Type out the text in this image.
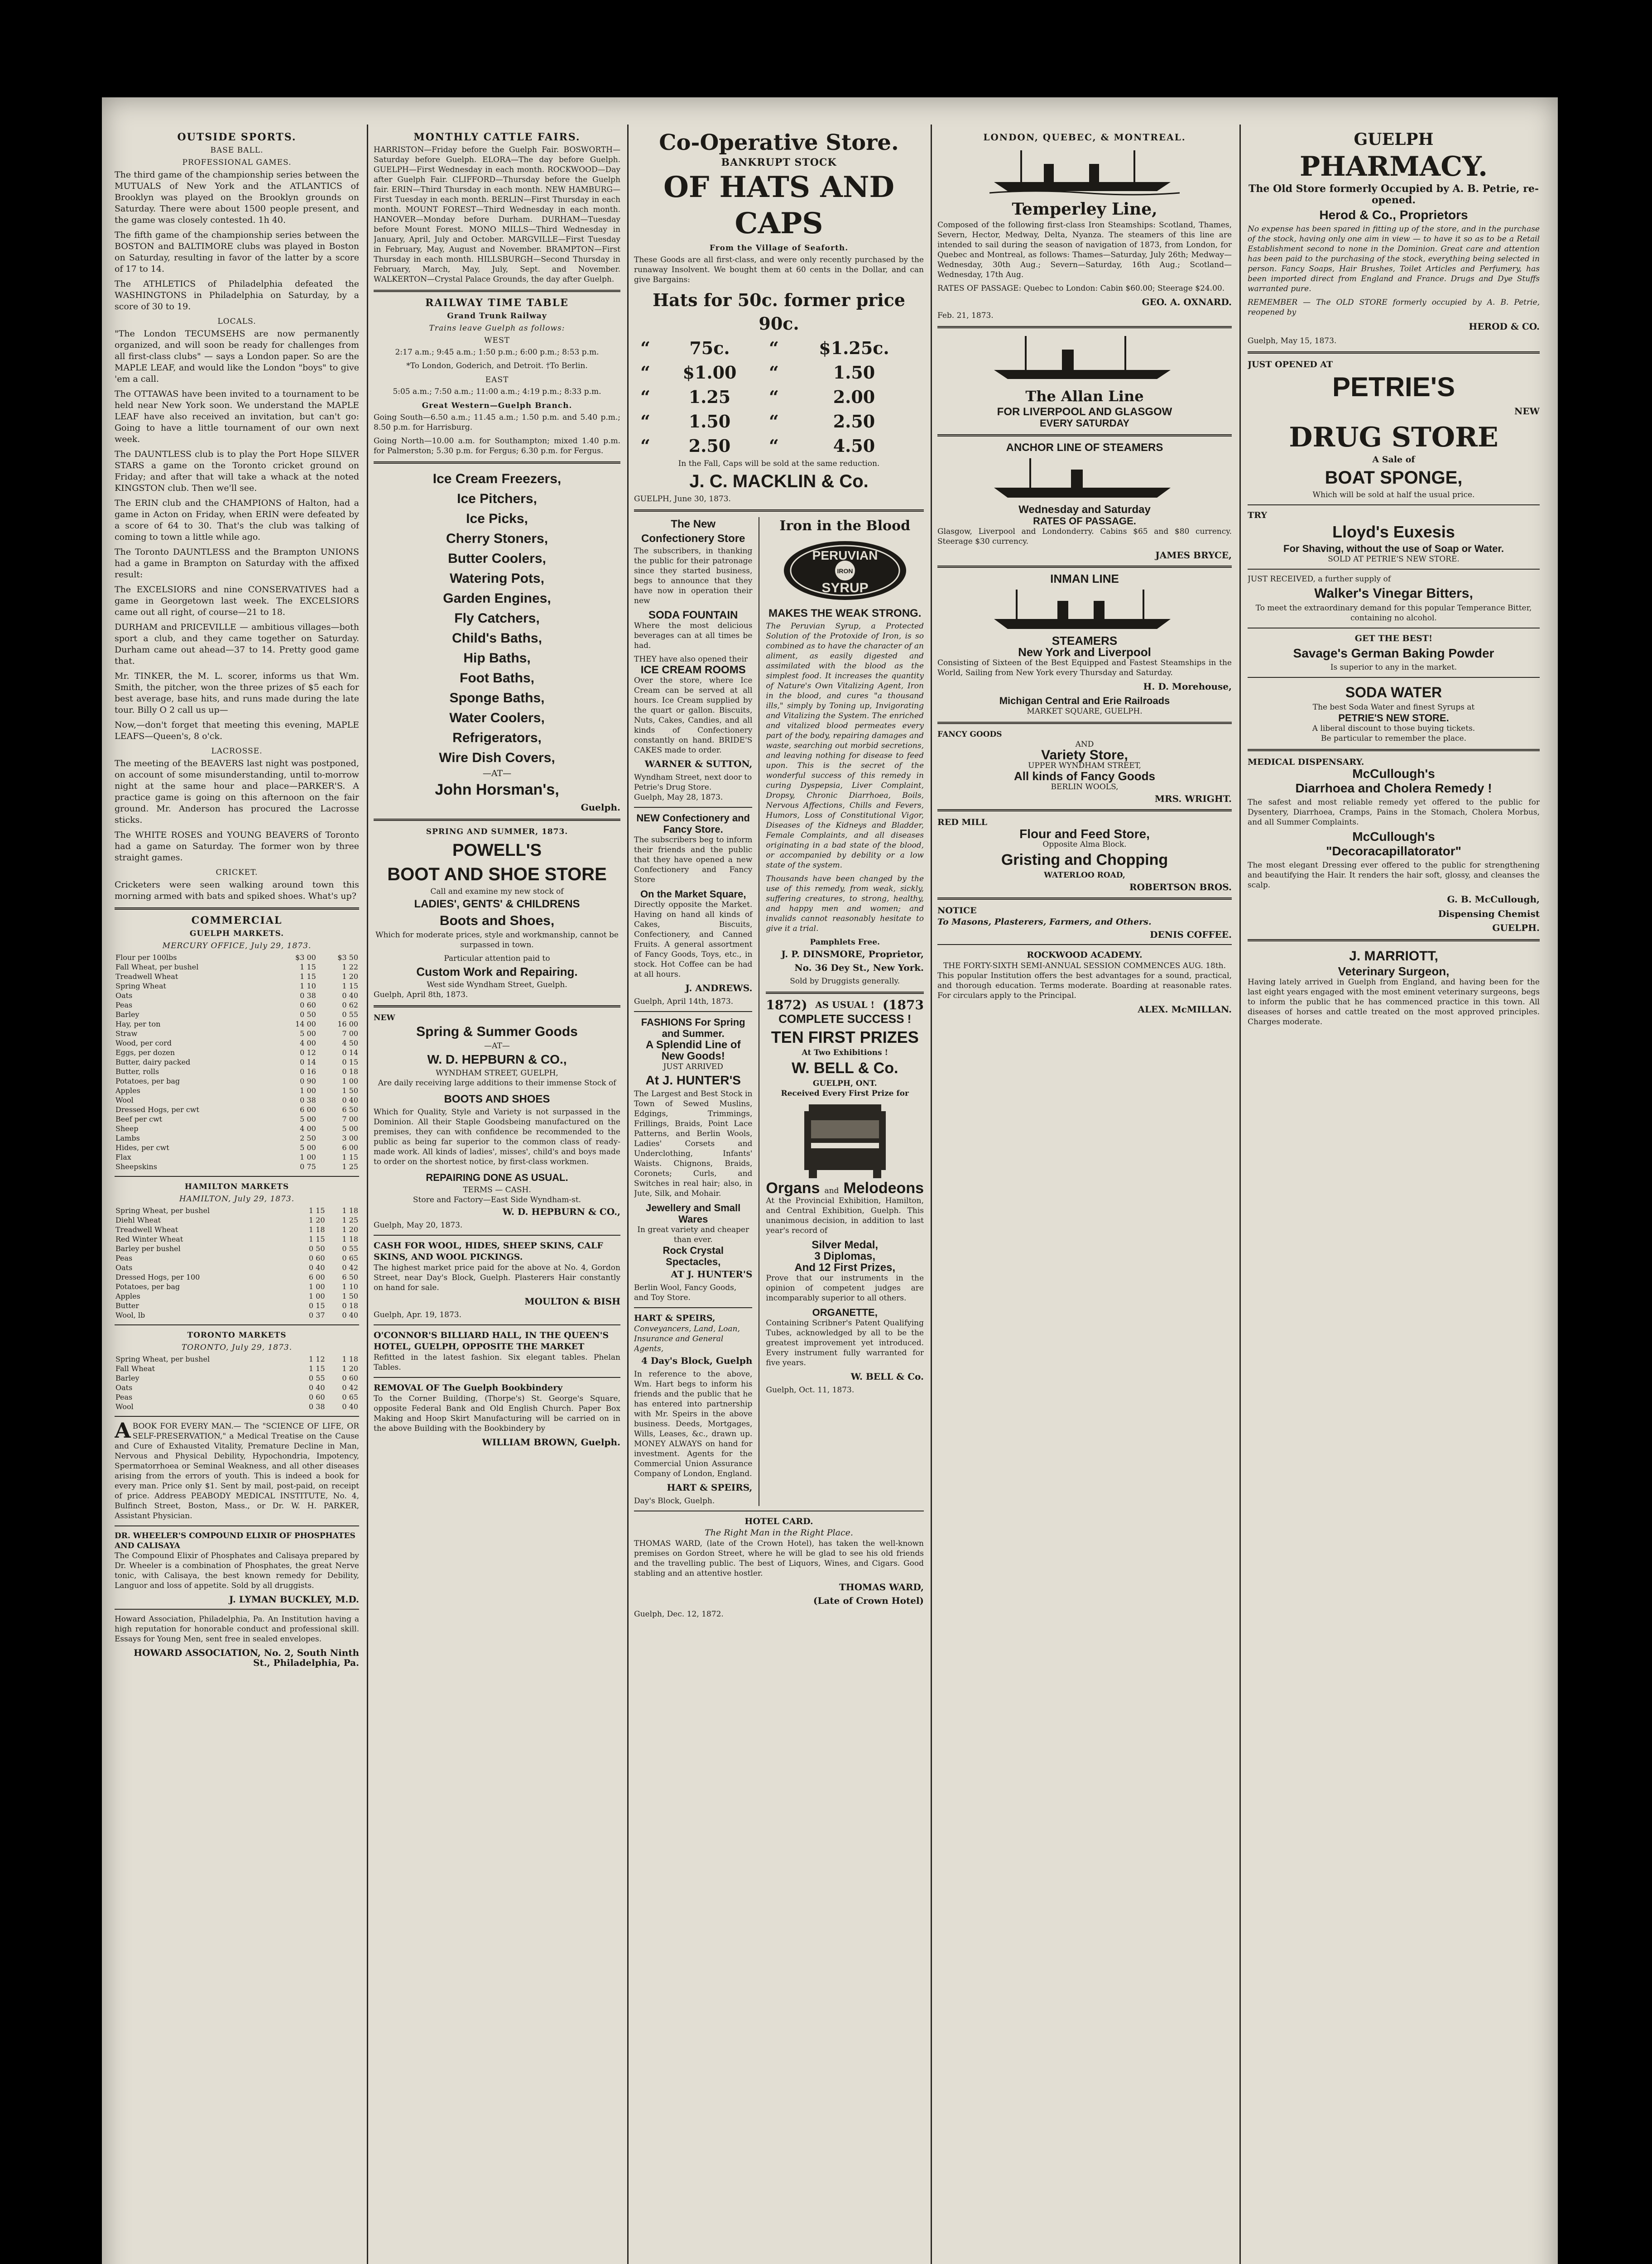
OUTSIDE SPORTS.
BASE BALL.
PROFESSIONAL GAMES.

The third game of the championship series between the MUTUALS of New York and the ATLANTICS of Brooklyn was played on the Brooklyn grounds on Saturday. There were about 1500 people present, and the game was closely contested. 1h 40.

The fifth game of the championship series between the BOSTON and BALTIMORE clubs was played in Boston on Saturday, resulting in favor of the latter by a score of 17 to 14.

The ATHLETICS of Philadelphia defeated the WASHINGTONS in Philadelphia on Saturday, by a score of 30 to 19.

LOCALS.

"The London TECUMSEHS are now permanently organized, and will soon be ready for challenges from all first-class clubs" — says a London paper. So are the MAPLE LEAF, and would like the London "boys" to give 'em a call.

The OTTAWAS have been invited to a tournament to be held near New York soon. We understand the MAPLE LEAF have also received an invitation, but can't go: Going to have a little tournament of our own next week.

The DAUNTLESS club is to play the Port Hope SILVER STARS a game on the Toronto cricket ground on Friday; and after that will take a whack at the noted KINGSTON club. Then we'll see.

The ERIN club and the CHAMPIONS of Halton, had a game in Acton on Friday, when ERIN were defeated by a score of 64 to 30. That's the club was talking of coming to town a little while ago.

The Toronto DAUNTLESS and the Brampton UNIONS had a game in Brampton on Saturday with the affixed result:

The EXCELSIORS and nine CONSERVATIVES had a game in Georgetown last week. The EXCELSIORS came out all right, of course—21 to 18.

DURHAM and PRICEVILLE — ambitious villages—both sport a club, and they came together on Saturday. Durham came out ahead—37 to 14. Pretty good game that.

Mr. TINKER, the M. L. scorer, informs us that Wm. Smith, the pitcher, won the three prizes of $5 each for best average, base hits, and runs made during the late tour. Billy O 2 call us up—

Now,—don't forget that meeting this evening, MAPLE LEAFS—Queen's, 8 o'ck.

LACROSSE.

The meeting of the BEAVERS last night was postponed, on account of some misunderstanding, until to-morrow night at the same hour and place—PARKER'S. A practice game is going on this afternoon on the fair ground. Mr. Anderson has procured the Lacrosse sticks.

The WHITE ROSES and YOUNG BEAVERS of Toronto had a game on Saturday. The former won by three straight games.

CRICKET.

Cricketers were seen walking around town this morning armed with bats and spiked shoes. What's up?

COMMERCIAL
GUELPH MARKETS.
MERCURY OFFICE, July 29, 1873.
Flour per 100lbs	$3 00	$3 50
Fall Wheat, per bushel	1 15	1 22
Treadwell Wheat	1 15	1 20
Spring Wheat	1 10	1 15
Oats	0 38	0 40
Peas	0 60	0 62
Barley	0 50	0 55
Hay, per ton	14 00	16 00
Straw	5 00	7 00
Wood, per cord	4 00	4 50
Eggs, per dozen	0 12	0 14
Butter, dairy packed	0 14	0 15
Butter, rolls	0 16	0 18
Potatoes, per bag	0 90	1 00
Apples	1 00	1 50
Wool	0 38	0 40
Dressed Hogs, per cwt	6 00	6 50
Beef per cwt	5 00	7 00
Sheep	4 00	5 00
Lambs	2 50	3 00
Hides, per cwt	5 00	6 00
Flax	1 00	1 15
Sheepskins	0 75	1 25
HAMILTON MARKETS
HAMILTON, July 29, 1873.
Spring Wheat, per bushel	1 15	1 18
Diehl Wheat	1 20	1 25
Treadwell Wheat	1 18	1 20
Red Winter Wheat	1 15	1 18
Barley per bushel	0 50	0 55
Peas	0 60	0 65
Oats	0 40	0 42
Dressed Hogs, per 100	6 00	6 50
Potatoes, per bag	1 00	1 10
Apples	1 00	1 50
Butter	0 15	0 18
Wool, lb	0 37	0 40
TORONTO MARKETS
TORONTO, July 29, 1873.
Spring Wheat, per bushel	1 12	1 18
Fall Wheat	1 15	1 20
Barley	0 55	0 60
Oats	0 40	0 42
Peas	0 60	0 65
Wool	0 38	0 40

ABOOK FOR EVERY MAN.— The "SCIENCE OF LIFE, OR SELF-PRESERVATION," a Medical Treatise on the Cause and Cure of Exhausted Vitality, Premature Decline in Man, Nervous and Physical Debility, Hypochondria, Impotency, Spermatorrhoea or Seminal Weakness, and all other diseases arising from the errors of youth. This is indeed a book for every man. Price only $1. Sent by mail, post-paid, on receipt of price. Address PEABODY MEDICAL INSTITUTE, No. 4, Bulfinch Street, Boston, Mass., or Dr. W. H. PARKER, Assistant Physician.

DR. WHEELER'S COMPOUND ELIXIR OF PHOSPHATES AND CALISAYA

The Compound Elixir of Phosphates and Calisaya prepared by Dr. Wheeler is a combination of Phosphates, the great Nerve tonic, with Calisaya, the best known remedy for Debility, Languor and loss of appetite. Sold by all druggists.

J. LYMAN BUCKLEY, M.D.

Howard Association, Philadelphia, Pa. An Institution having a high reputation for honorable conduct and professional skill. Essays for Young Men, sent free in sealed envelopes.

HOWARD ASSOCIATION, No. 2, South Ninth St., Philadelphia, Pa.
MONTHLY CATTLE FAIRS.

HARRISTON—Friday before the Guelph Fair. BOSWORTH—Saturday before Guelph. ELORA—The day before Guelph. GUELPH—First Wednesday in each month. ROCKWOOD—Day after Guelph Fair. CLIFFORD—Thursday before the Guelph fair. ERIN—Third Thursday in each month. NEW HAMBURG—First Tuesday in each month. BERLIN—First Thursday in each month. MOUNT FOREST—Third Wednesday in each month. HANOVER—Monday before Durham. DURHAM—Tuesday before Mount Forest. MONO MILLS—Third Wednesday in January, April, July and October. MARGVILLE—First Tuesday in February, May, August and November. BRAMPTON—First Thursday in each month. HILLSBURGH—Second Thursday in February, March, May, July, Sept. and November. WALKERTON—Crystal Palace Grounds, the day after Guelph.

RAILWAY TIME TABLE
Grand Trunk Railway
Trains leave Guelph as follows:
WEST

2:17 a.m.; 9:45 a.m.; 1:50 p.m.; 6:00 p.m.; 8:53 p.m.

*To London, Goderich, and Detroit. †To Berlin.

EAST

5:05 a.m.; 7:50 a.m.; 11:00 a.m.; 4:19 p.m.; 8:33 p.m.

Great Western—Guelph Branch.

Going South—6.50 a.m.; 11.45 a.m.; 1.50 p.m. and 5.40 p.m.; 8.50 p.m. for Harrisburg.

Going North—10.00 a.m. for Southampton; mixed 1.40 p.m. for Palmerston; 5.30 p.m. for Fergus; 6.30 p.m. for Fergus.

Ice Cream Freezers,
Ice Pitchers,
Ice Picks,
Cherry Stoners,
Butter Coolers,
Watering Pots,
Garden Engines,
Fly Catchers,
Child's Baths,
Hip Baths,
Foot Baths,
Sponge Baths,
Water Coolers,
Refrigerators,
Wire Dish Covers,
—AT—
John Horsman's,
Guelph.
SPRING AND SUMMER, 1873.
POWELL'S
BOOT AND SHOE STORE
Call and examine my new stock of
LADIES', GENTS' & CHILDRENS
Boots and Shoes,

Which for moderate prices, style and workmanship, cannot be surpassed in town.

Particular attention paid to
Custom Work and Repairing.
West side Wyndham Street, Guelph.
Guelph, April 8th, 1873.
NEW
Spring & Summer Goods
—AT—
W. D. HEPBURN & CO.,
WYNDHAM STREET, GUELPH,

Are daily receiving large additions to their immense Stock of

BOOTS AND SHOES

Which for Quality, Style and Variety is not surpassed in the Dominion. All their Staple Goodsbeing manufactured on the premises, they can with confidence be recommended to the public as being far superior to the common class of ready-made work. All kinds of ladies', misses', child's and boys made to order on the shortest notice, by first-class workmen.

REPAIRING DONE AS USUAL.
TERMS — CASH.
Store and Factory—East Side Wyndham-st.
W. D. HEPBURN & CO.,
Guelph, May 20, 1873.
CASH FOR WOOL, HIDES, SHEEP SKINS, CALF SKINS, AND WOOL PICKINGS.

The highest market price paid for the above at No. 4, Gordon Street, near Day's Block, Guelph. Plasterers Hair constantly on hand for sale.

MOULTON & BISH
Guelph, Apr. 19, 1873.
O'CONNOR'S BILLIARD HALL, IN THE QUEEN'S HOTEL, GUELPH, OPPOSITE THE MARKET

Refitted in the latest fashion. Six elegant tables. Phelan Tables.

REMOVAL OF The Guelph Bookbindery

To the Corner Building, (Thorpe's) St. George's Square, opposite Federal Bank and Old English Church. Paper Box Making and Hoop Skirt Manufacturing will be carried on in the above Building with the Bookbindery by

WILLIAM BROWN, Guelph.
Co-Operative Store.
BANKRUPT STOCK
OF HATS AND CAPS
From the Village of Seaforth.

These Goods are all first-class, and were only recently purchased by the runaway Insolvent. We bought them at 60 cents in the Dollar, and can give Bargains:

Hats for 50c. former price 90c.
“	75c.	“	$1.25c.
“	$1.00	“	1.50
“	1.25	“	2.00
“	1.50	“	2.50
“	2.50	“	4.50
In the Fall, Caps will be sold at the same reduction.
J. C. MACKLIN & Co.
GUELPH, June 30, 1873.
The New Confectionery Store

The subscribers, in thanking the public for their patronage since they started business, begs to announce that they have now in operation their new

SODA FOUNTAIN

Where the most delicious beverages can at all times be had.

THEY have also opened their
ICE CREAM ROOMS

Over the store, where Ice Cream can be served at all hours. Ice Cream supplied by the quart or gallon. Biscuits, Nuts, Cakes, Candies, and all kinds of Confectionery constantly on hand. BRIDE'S CAKES made to order.

WARNER & SUTTON,
Wyndham Street, next door to Petrie's Drug Store.
Guelph, May 28, 1873.
NEW Confectionery and Fancy Store.

The subscribers beg to inform their friends and the public that they have opened a new Confectionery and Fancy Store

On the Market Square,

Directly opposite the Market. Having on hand all kinds of Cakes, Biscuits, Confectionery, and Canned Fruits. A general assortment of Fancy Goods, Toys, etc., in stock. Hot Coffee can be had at all hours.

J. ANDREWS.
Guelph, April 14th, 1873.
FASHIONS For Spring and Summer.
A Splendid Line of New Goods!
JUST ARRIVED
At J. HUNTER'S

The Largest and Best Stock in Town of Sewed Muslins, Edgings, Trimmings, Frillings, Braids, Point Lace Patterns, and Berlin Wools, Ladies' Corsets and Underclothing, Infants' Waists. Chignons, Braids, Coronets; Curls, and Switches in real hair; also, in Jute, Silk, and Mohair.

Jewellery and Small Wares
In great variety and cheaper than ever.
Rock Crystal Spectacles,
AT J. HUNTER'S
Berlin Wool, Fancy Goods, and Toy Store.
HART & SPEIRS,
Conveyancers, Land, Loan, Insurance and General Agents,
4 Day's Block, Guelph

In reference to the above, Wm. Hart begs to inform his friends and the public that he has entered into partnership with Mr. Speirs in the above business. Deeds, Mortgages, Wills, Leases, &c., drawn up. MONEY ALWAYS on hand for investment. Agents for the Commercial Union Assurance Company of London, England.

HART & SPEIRS,
Day's Block, Guelph.
Iron in the Blood
PERUVIAN
IRON
SYRUP
MAKES THE WEAK STRONG.

The Peruvian Syrup, a Protected Solution of the Protoxide of Iron, is so combined as to have the character of an aliment, as easily digested and assimilated with the blood as the simplest food. It increases the quantity of Nature's Own Vitalizing Agent, Iron in the blood, and cures "a thousand ills," simply by Toning up, Invigorating and Vitalizing the System. The enriched and vitalized blood permeates every part of the body, repairing damages and waste, searching out morbid secretions, and leaving nothing for disease to feed upon. This is the secret of the wonderful success of this remedy in curing Dyspepsia, Liver Complaint, Dropsy, Chronic Diarrhoea, Boils, Nervous Affections, Chills and Fevers, Humors, Loss of Constitutional Vigor, Diseases of the Kidneys and Bladder, Female Complaints, and all diseases originating in a bad state of the blood, or accompanied by debility or a low state of the system.

Thousands have been changed by the use of this remedy, from weak, sickly, suffering creatures, to strong, healthy, and happy men and women; and invalids cannot reasonably hesitate to give it a trial.

Pamphlets Free.
J. P. DINSMORE, Proprietor,
No. 36 Dey St., New York.
Sold by Druggists generally.
1872) AS USUAL ! (1873
COMPLETE SUCCESS !
TEN FIRST PRIZES
At Two Exhibitions !
W. BELL & Co.
GUELPH, ONT.
Received Every First Prize for
Organs and Melodeons

At the Provincial Exhibition, Hamilton, and Central Exhibition, Guelph. This unanimous decision, in addition to last year's record of

Silver Medal,
3 Diplomas,
And 12 First Prizes,

Prove that our instruments in the opinion of competent judges are incomparably superior to all others.

ORGANETTE,

Containing Scribner's Patent Qualifying Tubes, acknowledged by all to be the greatest improvement yet introduced. Every instrument fully warranted for five years.

W. BELL & Co.
Guelph, Oct. 11, 1873.
HOTEL CARD.
The Right Man in the Right Place.

THOMAS WARD, (late of the Crown Hotel), has taken the well-known premises on Gordon Street, where he will be glad to see his old friends and the travelling public. The best of Liquors, Wines, and Cigars. Good stabling and an attentive hostler.

THOMAS WARD,
(Late of Crown Hotel)
Guelph, Dec. 12, 1872.
LONDON, QUEBEC, & MONTREAL.
Temperley Line,

Composed of the following first-class Iron Steamships: Scotland, Thames, Severn, Hector, Medway, Delta, Nyanza. The steamers of this line are intended to sail during the season of navigation of 1873, from London, for Quebec and Montreal, as follows: Thames—Saturday, July 26th; Medway—Wednesday, 30th Aug.; Severn—Saturday, 16th Aug.; Scotland—Wednesday, 17th Aug.

RATES OF PASSAGE: Quebec to London: Cabin $60.00; Steerage $24.00.

GEO. A. OXNARD.
Feb. 21, 1873.
The Allan Line
FOR LIVERPOOL AND GLASGOW
EVERY SATURDAY
ANCHOR LINE OF STEAMERS
Wednesday and Saturday
RATES OF PASSAGE.

Glasgow, Liverpool and Londonderry. Cabins $65 and $80 currency. Steerage $30 currency.

JAMES BRYCE,
INMAN LINE
STEAMERS
New York and Liverpool

Consisting of Sixteen of the Best Equipped and Fastest Steamships in the World, Sailing from New York every Thursday and Saturday.

H. D. Morehouse,
Michigan Central and Erie Railroads
MARKET SQUARE, GUELPH.
FANCY GOODS
AND
Variety Store,
UPPER WYNDHAM STREET,
All kinds of Fancy Goods
BERLIN WOOLS,
MRS. WRIGHT.
RED MILL
Flour and Feed Store,
Opposite Alma Block.
Gristing and Chopping
WATERLOO ROAD,
ROBERTSON BROS.
NOTICE
To Masons, Plasterers, Farmers, and Others.
DENIS COFFEE.
ROCKWOOD ACADEMY.
THE FORTY-SIXTH SEMI-ANNUAL SESSION COMMENCES AUG. 18th.

This popular Institution offers the best advantages for a sound, practical, and thorough education. Terms moderate. Boarding at reasonable rates. For circulars apply to the Principal.

ALEX. McMILLAN.
GUELPH
PHARMACY.
The Old Store formerly Occupied by A. B. Petrie, re-opened.
Herod & Co., Proprietors

No expense has been spared in fitting up of the store, and in the purchase of the stock, having only one aim in view — to have it so as to be a Retail Establishment second to none in the Dominion. Great care and attention has been paid to the purchasing of the stock, everything being selected in person. Fancy Soaps, Hair Brushes, Toilet Articles and Perfumery, has been imported direct from England and France. Drugs and Dye Stuffs warranted pure.

REMEMBER — The OLD STORE formerly occupied by A. B. Petrie, reopened by

HEROD & CO.
Guelph, May 15, 1873.
JUST OPENED AT
PETRIE'S
NEW
DRUG STORE
A Sale of
BOAT SPONGE,
Which will be sold at half the usual price.
TRY
Lloyd's Euxesis
For Shaving, without the use of Soap or Water.
SOLD AT PETRIE'S NEW STORE.
JUST RECEIVED, a further supply of
Walker's Vinegar Bitters,

To meet the extraordinary demand for this popular Temperance Bitter, containing no alcohol.

GET THE BEST!
Savage's German Baking Powder
Is superior to any in the market.
SODA WATER
The best Soda Water and finest Syrups at
PETRIE'S NEW STORE.
A liberal discount to those buying tickets.
Be particular to remember the place.
MEDICAL DISPENSARY.
McCullough's
Diarrhoea and Cholera Remedy !

The safest and most reliable remedy yet offered to the public for Dysentery, Diarrhoea, Cramps, Pains in the Stomach, Cholera Morbus, and all Summer Complaints.

McCullough's
"Decoracapillatorator"

The most elegant Dressing ever offered to the public for strengthening and beautifying the Hair. It renders the hair soft, glossy, and cleanses the scalp.

G. B. McCullough,
Dispensing Chemist
GUELPH.
J. MARRIOTT,
Veterinary Surgeon,

Having lately arrived in Guelph from England, and having been for the last eight years engaged with the most eminent veterinary surgeons, begs to inform the public that he has commenced practice in this town. All diseases of horses and cattle treated on the most approved principles. Charges moderate.
